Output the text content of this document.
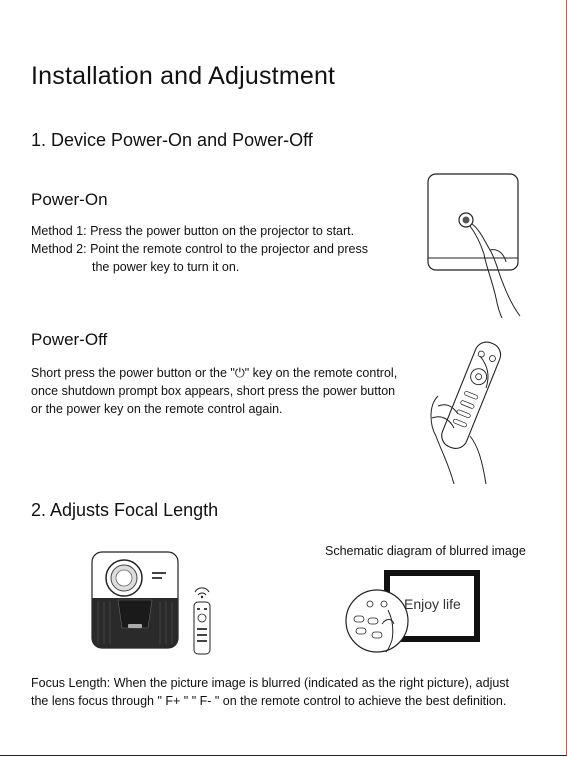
Installation and Adjustment
1. Device Power-On and Power-Off
Power-On
Method 1: Press the power button on the projector to start.
Method 2: Point the remote control to the projector and press
the power key to turn it on.
Power-Off
Short press the power button or the "⏻" key on the remote control,
once shutdown prompt box appears, short press the power button
or the power key on the remote control again.
2. Adjusts Focal Length
Schematic diagram of blurred image
Enjoy life
Focus Length: When the picture image is blurred (indicated as the right picture), adjust
the lens focus through " F+ " " F- " on the remote control to achieve the best definition.
